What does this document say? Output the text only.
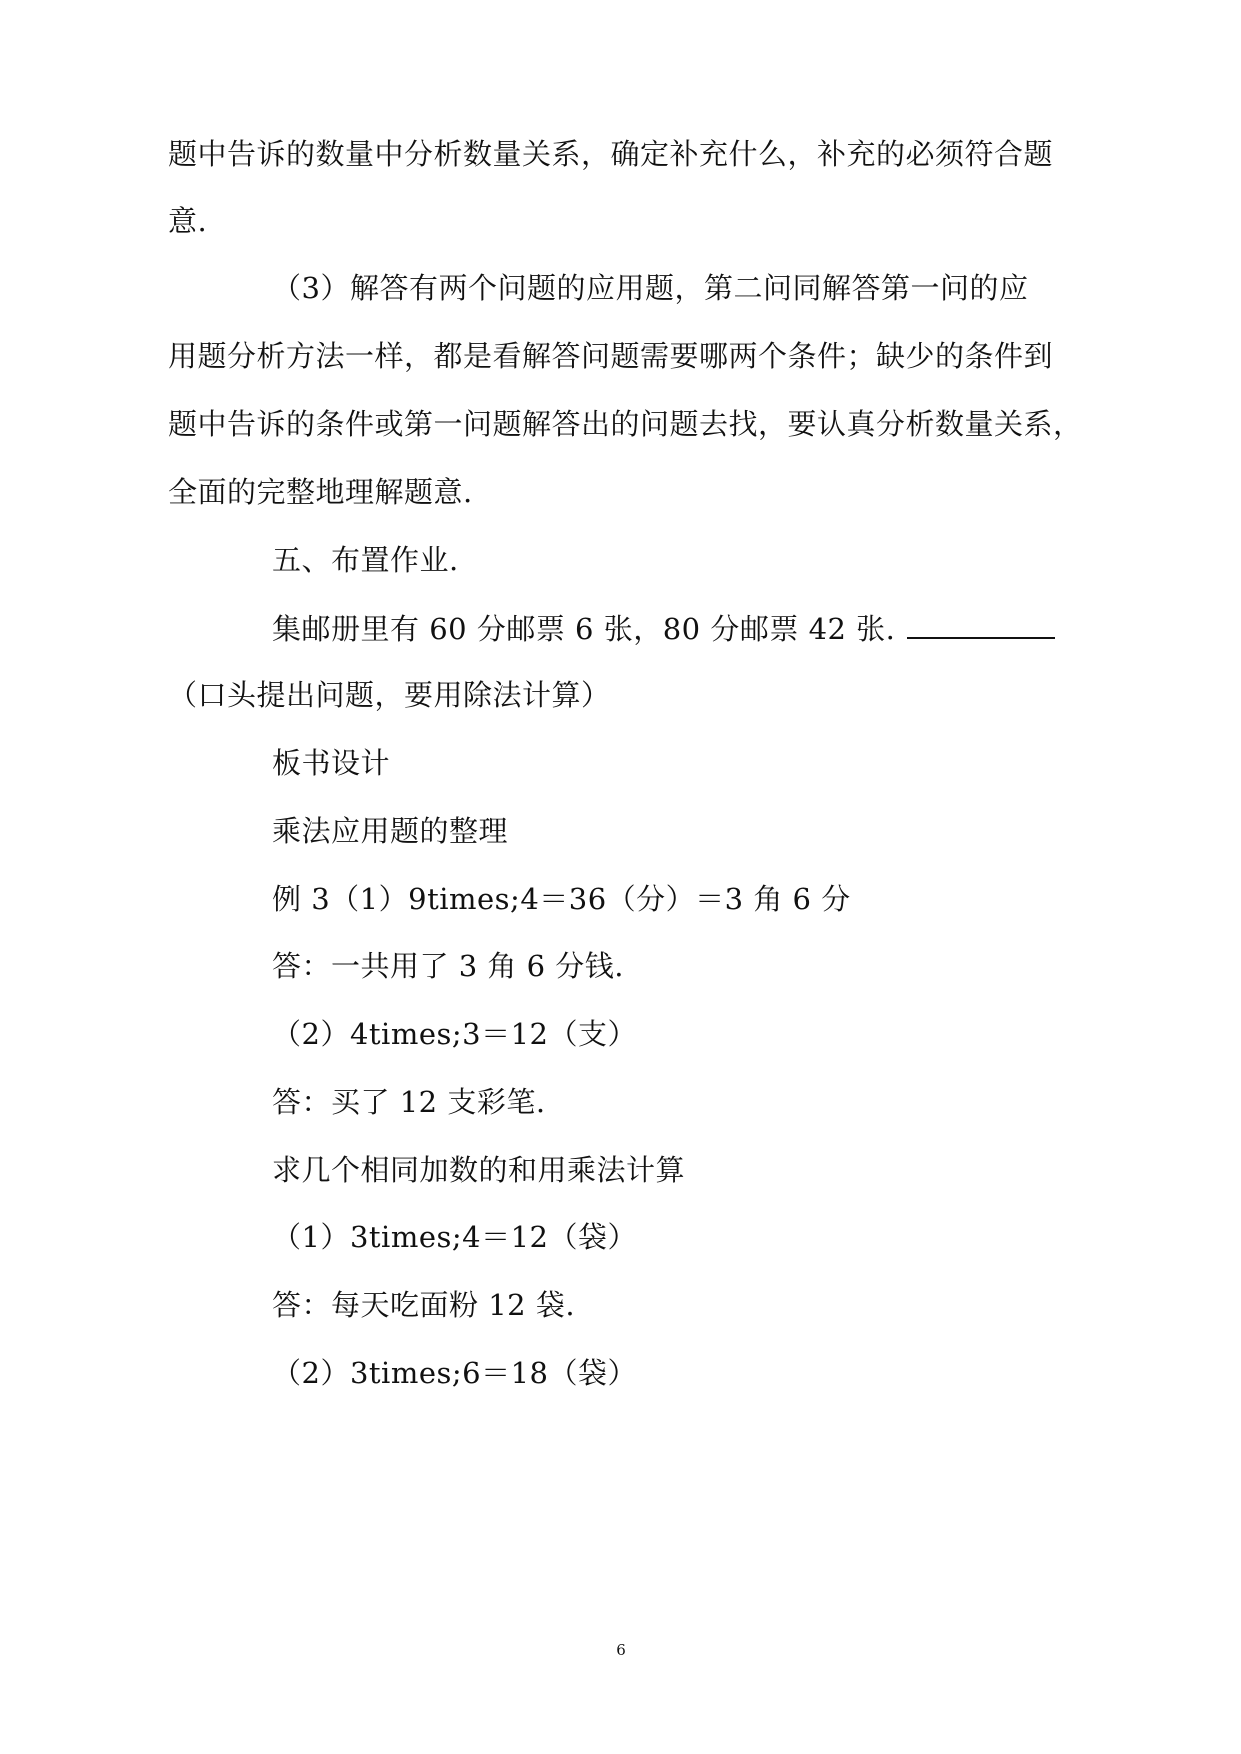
题中告诉的数量中分析数量关系，确定补充什么，补充的必须符合题
意.
（3）解答有两个问题的应用题，第二问同解答第一问的应
用题分析方法一样，都是看解答问题需要哪两个条件；缺少的条件到
题中告诉的条件或第一问题解答出的问题去找，要认真分析数量关系，
全面的完整地理解题意.
五、布置作业.
集邮册里有 60 分邮票 6 张，80 分邮票 42 张.
（口头提出问题，要用除法计算）
板书设计
乘法应用题的整理
例 3（1）9times;4＝36（分）＝3 角 6 分
答：一共用了 3 角 6 分钱.
（2）4times;3＝12（支）
答：买了 12 支彩笔.
求几个相同加数的和用乘法计算
（1）3times;4＝12（袋）
答：每天吃面粉 12 袋.
（2）3times;6＝18（袋）
6
